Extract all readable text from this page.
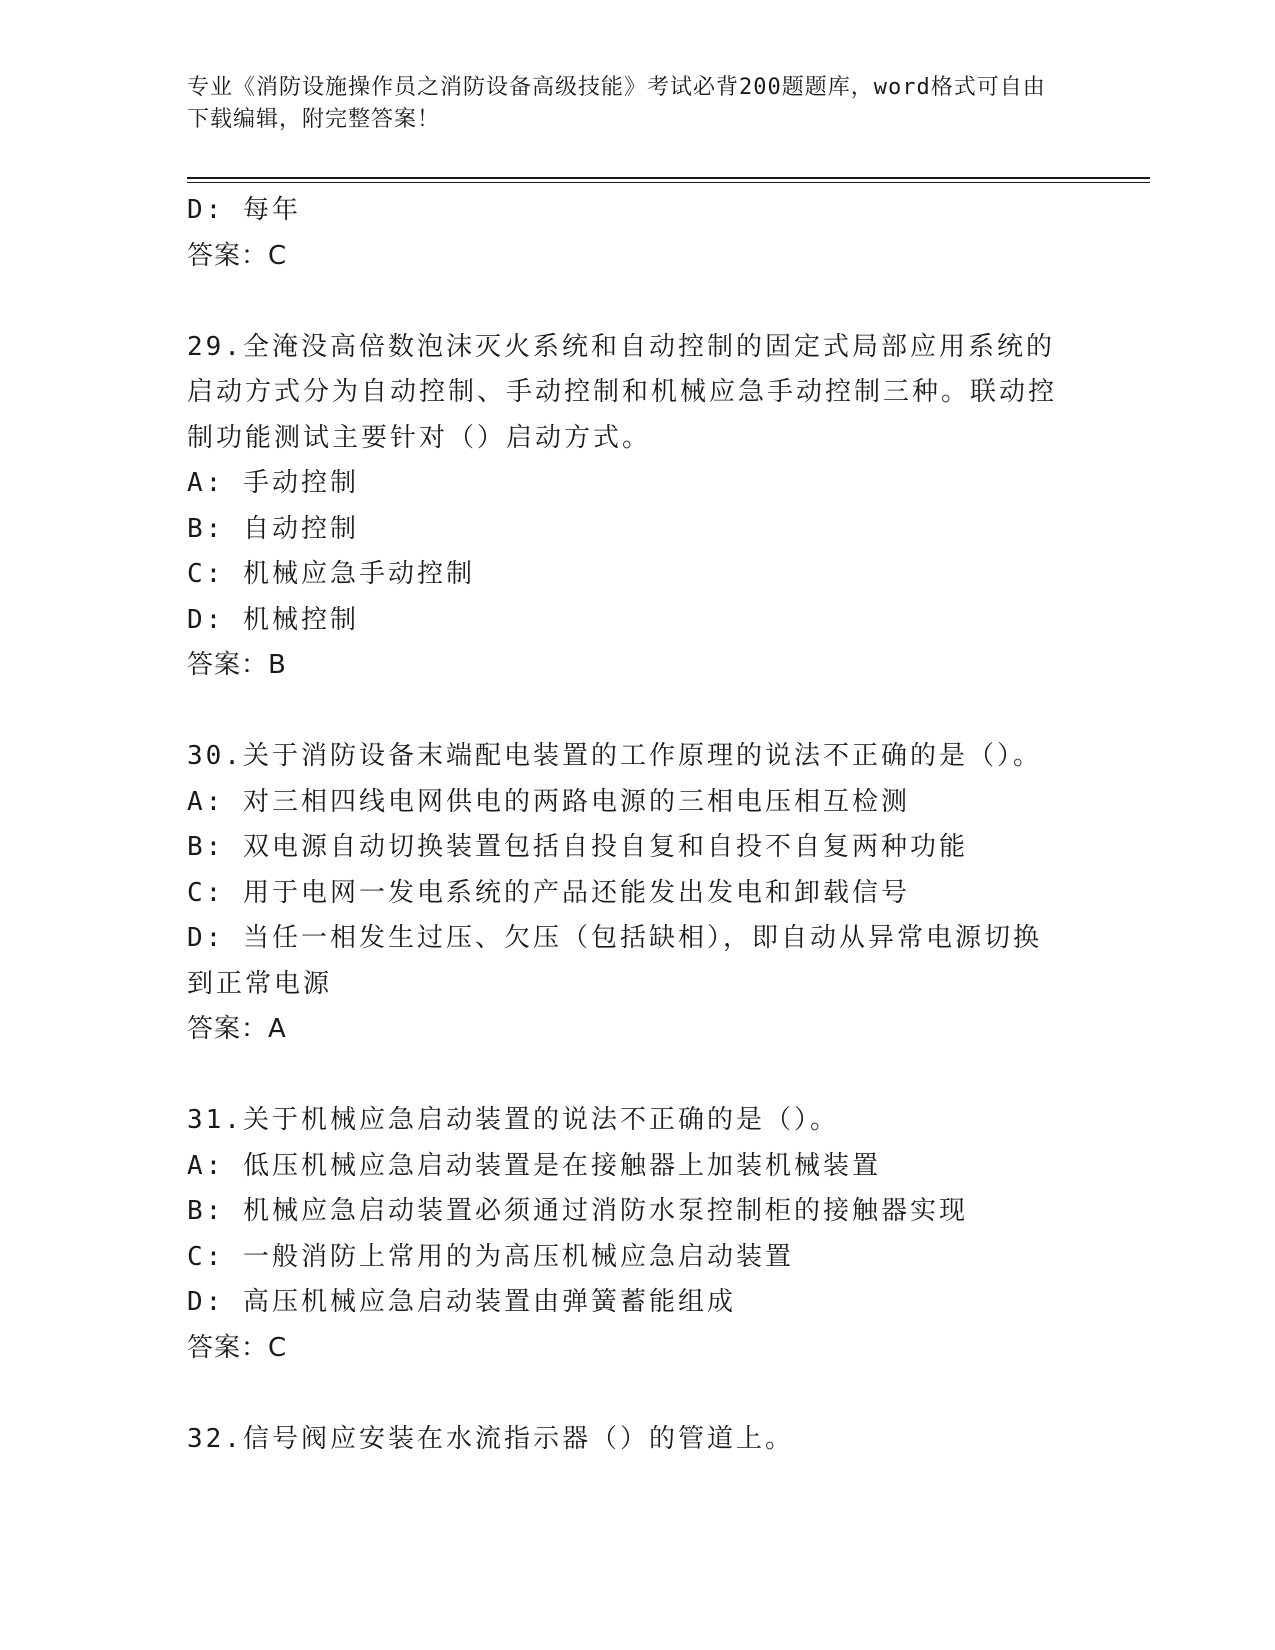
专业《消防设施操作员之消防设备高级技能》考试必背200题题库，word格式可自由下载编辑，附完整答案！
D: 每年
答案：C
29.全淹没高倍数泡沫灭火系统和自动控制的固定式局部应用系统的启动方式分为自动控制、手动控制和机械应急手动控制三种。联动控制功能测试主要针对（）启动方式。
A: 手动控制
B: 自动控制
C: 机械应急手动控制
D: 机械控制
答案：B
30.关于消防设备末端配电装置的工作原理的说法不正确的是（）。
A: 对三相四线电网供电的两路电源的三相电压相互检测
B: 双电源自动切换装置包括自投自复和自投不自复两种功能
C: 用于电网一发电系统的产品还能发出发电和卸载信号
D: 当任一相发生过压、欠压（包括缺相），即自动从异常电源切换到正常电源
答案：A
31.关于机械应急启动装置的说法不正确的是（）。
A: 低压机械应急启动装置是在接触器上加装机械装置
B: 机械应急启动装置必须通过消防水泵控制柜的接触器实现
C: 一般消防上常用的为高压机械应急启动装置
D: 高压机械应急启动装置由弹簧蓄能组成
答案：C
32.信号阀应安装在水流指示器（）的管道上。
